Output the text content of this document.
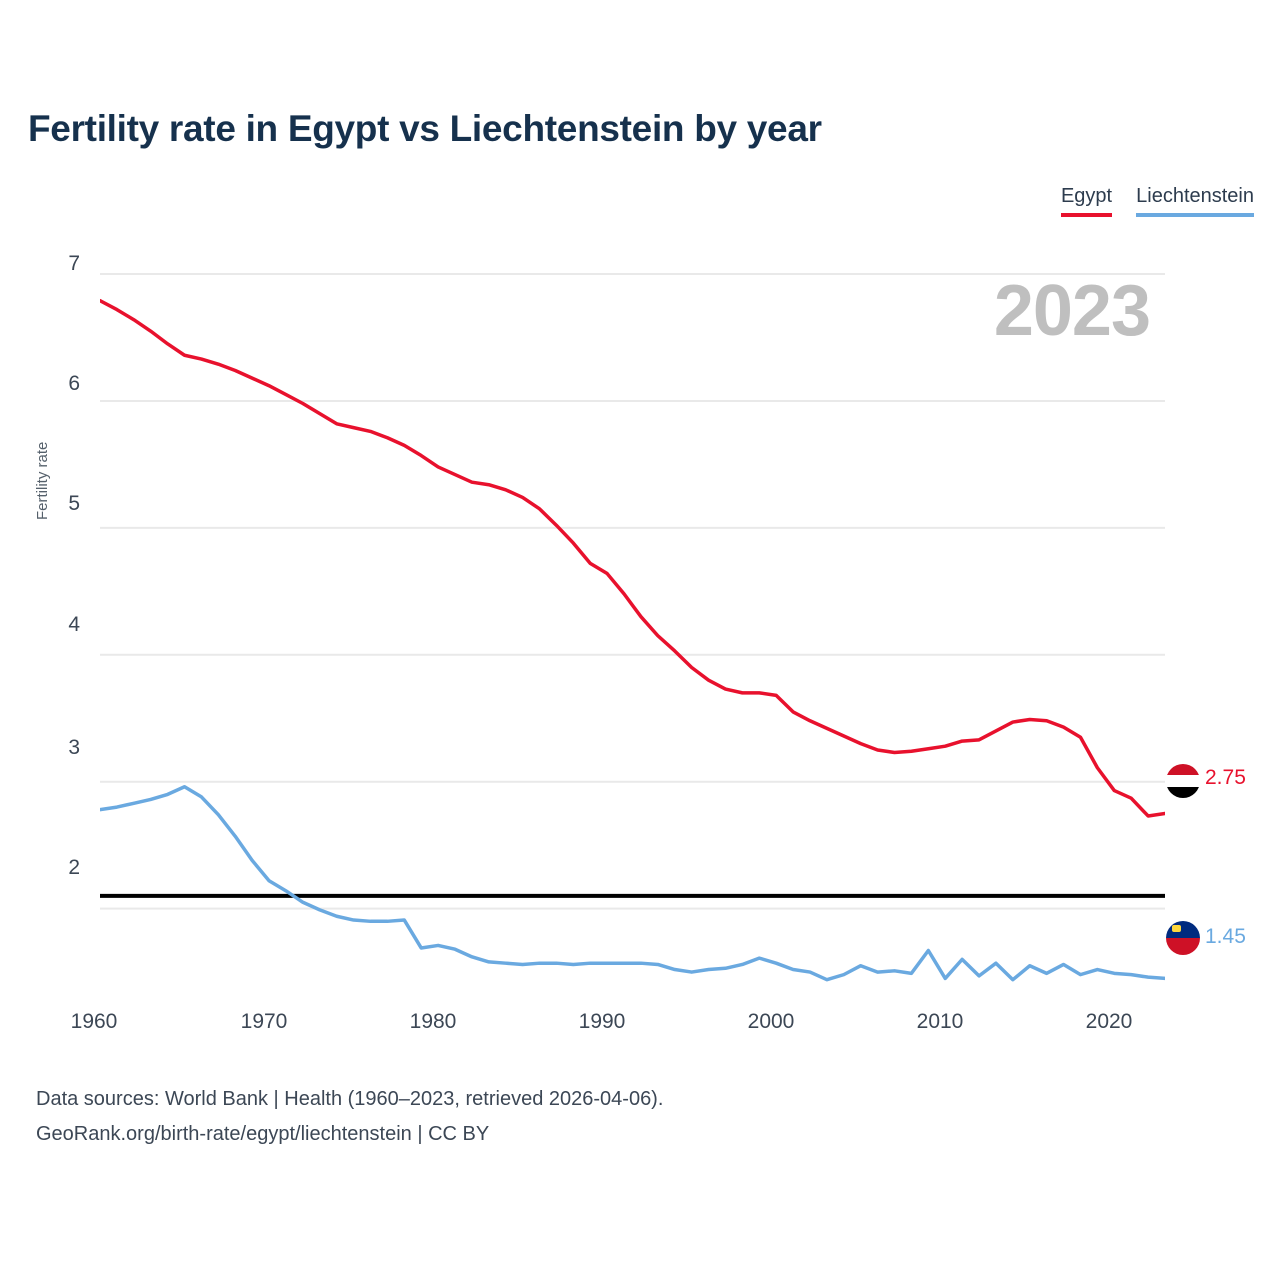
Fertility rate in Egypt vs Liechtenstein by year
Egypt Liechtenstein
2023
Fertility rate
7
6
5
4
3
2
1960	1970	1980	1990	2000	2010	2020
2.75
1.45
Data sources: World Bank | Health (1960–2023, retrieved 2026-04-06).
GeoRank.org/birth-rate/egypt/liechtenstein | CC BY
